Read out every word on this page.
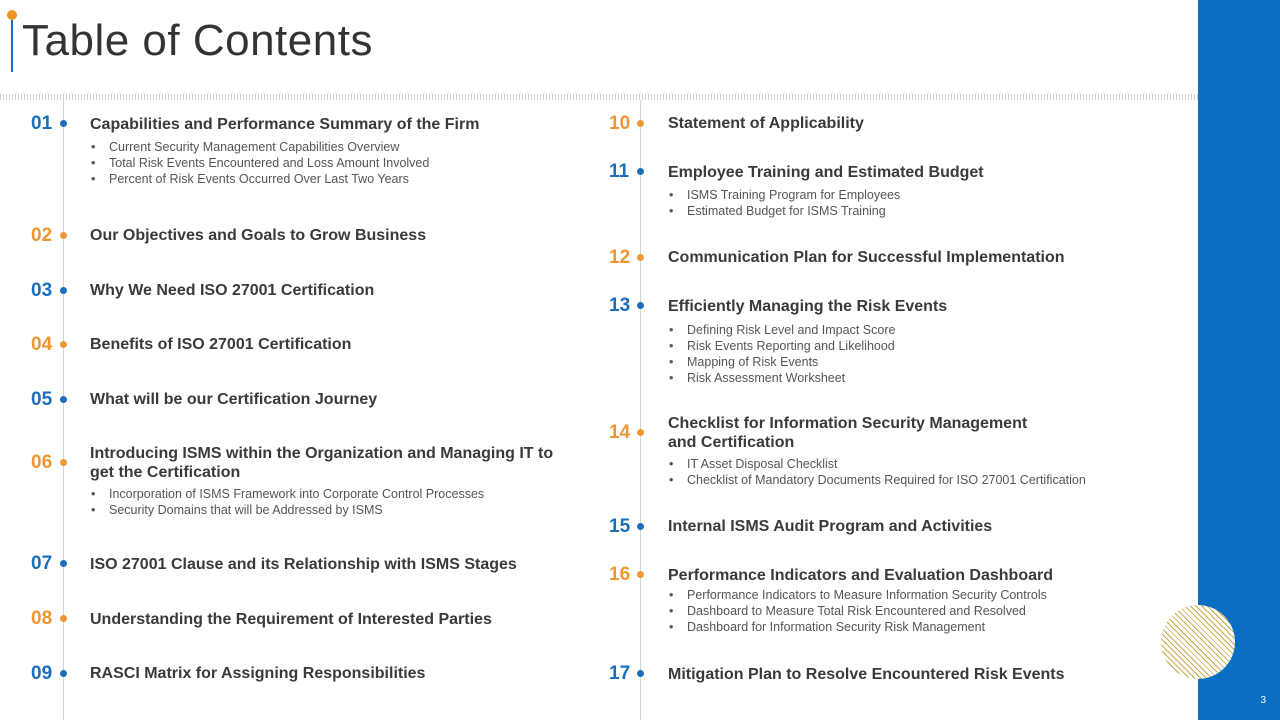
Table of Contents
01 Capabilities and Performance Summary of the Firm

• Current Security Management Capabilities Overview
• Total Risk Events Encountered and Loss Amount Involved
• Percent of Risk Events Occurred Over Last Two Years
02 Our Objectives and Goals to Grow Business

03 Why We Need ISO 27001 Certification

04 Benefits of ISO 27001 Certification

05 What will be our Certification Journey

06 Introducing ISMS within the Organization and Managing IT to get the Certification

• Incorporation of ISMS Framework into Corporate Control Processes
• Security Domains that will be Addressed by ISMS
07 ISO 27001 Clause and its Relationship with ISMS Stages

08 Understanding the Requirement of Interested Parties

09 RASCI Matrix for Assigning Responsibilities

10 Statement of Applicability

11 Employee Training and Estimated Budget

• ISMS Training Program for Employees
• Estimated Budget for ISMS Training
12 Communication Plan for Successful Implementation

13 Efficiently Managing the Risk Events

• Defining Risk Level and Impact Score
• Risk Events Reporting and Likelihood
• Mapping of Risk Events
• Risk Assessment Worksheet
14 Checklist for Information Security Management and Certification

• IT Asset Disposal Checklist
• Checklist of Mandatory Documents Required for ISO 27001 Certification
15 Internal ISMS Audit Program and Activities

16 Performance Indicators and Evaluation Dashboard

• Performance Indicators to Measure Information Security Controls
• Dashboard to Measure Total Risk Encountered and Resolved
• Dashboard for Information Security Risk Management
17 Mitigation Plan to Resolve Encountered Risk Events

3
